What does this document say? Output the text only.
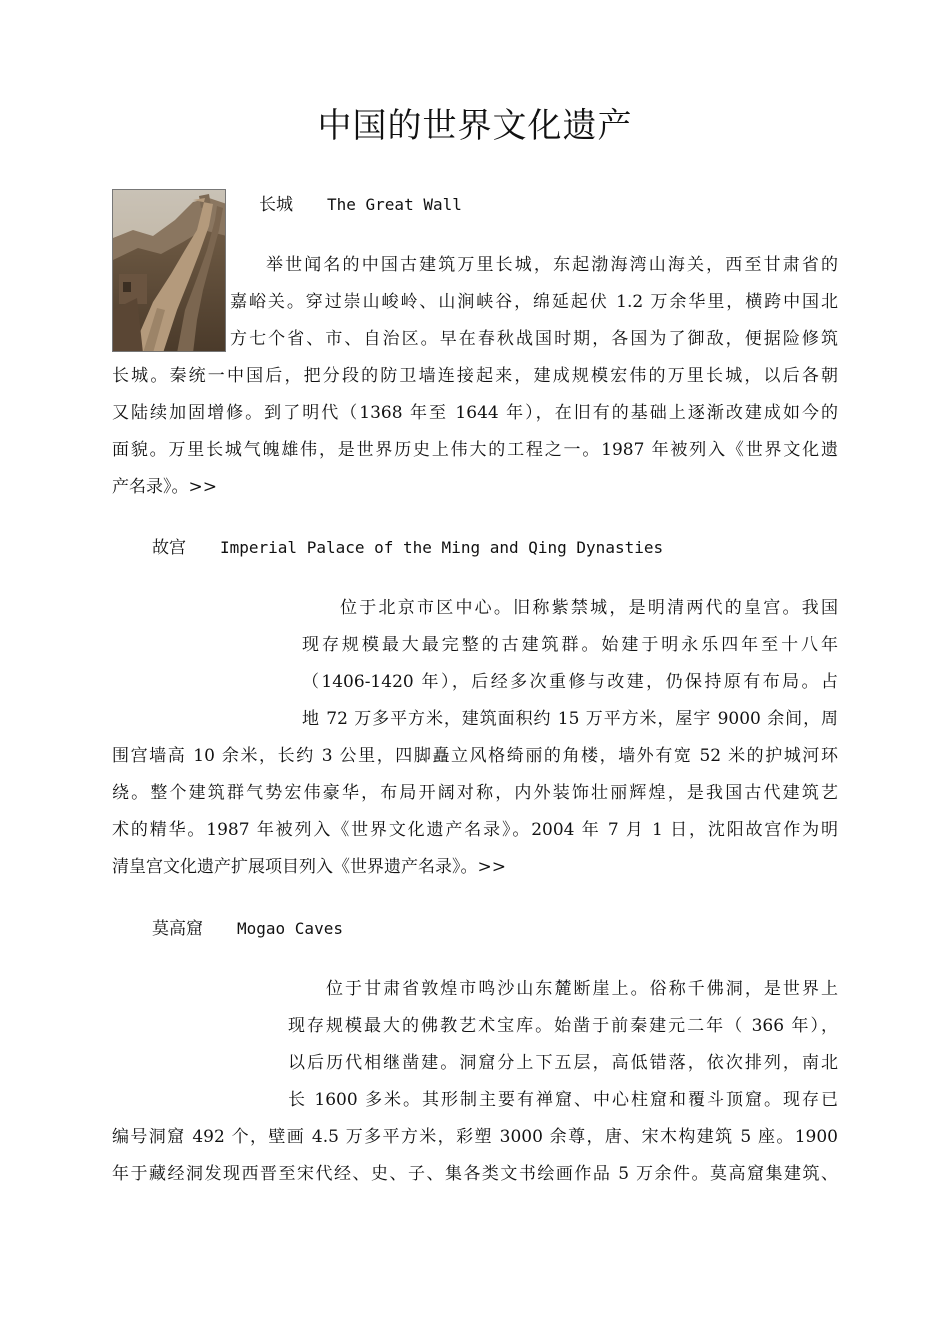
中国的世界文化遗产
长城　　 The Great Wall
举世闻名的中国古建筑万里长城，东起渤海湾山海关，西至甘肃省的
嘉峪关。穿过崇山峻岭、山涧峡谷，绵延起伏 1.2 万余华里，横跨中国北
方七个省、市、自治区。早在春秋战国时期，各国为了御敌，便据险修筑
长城。秦统一中国后，把分段的防卫墙连接起来，建成规模宏伟的万里长城，以后各朝
又陆续加固增修。到了明代（1368 年至 1644 年），在旧有的基础上逐渐改建成如今的
面貌。万里长城气魄雄伟，是世界历史上伟大的工程之一。1987 年被列入《世界文化遗
产名录》。>>
故宫　　 Imperial Palace of the Ming and Qing Dynasties
位于北京市区中心。旧称紫禁城，是明清两代的皇宫。我国
现存规模最大最完整的古建筑群。始建于明永乐四年至十八年
（1406-1420 年），后经多次重修与改建，仍保持原有布局。占
地 72 万多平方米，建筑面积约 15 万平方米，屋宇 9000 余间，周
围宫墙高 10 余米，长约 3 公里，四脚矗立风格绮丽的角楼，墙外有宽 52 米的护城河环
绕。整个建筑群气势宏伟豪华，布局开阔对称，内外装饰壮丽辉煌，是我国古代建筑艺
术的精华。1987 年被列入《世界文化遗产名录》。2004 年 7 月 1 日，沈阳故宫作为明
清皇宫文化遗产扩展项目列入《世界遗产名录》。>>
莫高窟　　 Mogao Caves
位于甘肃省敦煌市鸣沙山东麓断崖上。俗称千佛洞，是世界上
现存规模最大的佛教艺术宝库。始凿于前秦建元二年（ 366 年），
以后历代相继凿建。洞窟分上下五层，高低错落，依次排列，南北
长 1600 多米。其形制主要有禅窟、中心柱窟和覆斗顶窟。现存已
编号洞窟 492 个，壁画 4.5 万多平方米，彩塑 3000 余尊，唐、宋木构建筑 5 座。1900
年于藏经洞发现西晋至宋代经、史、子、集各类文书绘画作品 5 万余件。莫高窟集建筑、
